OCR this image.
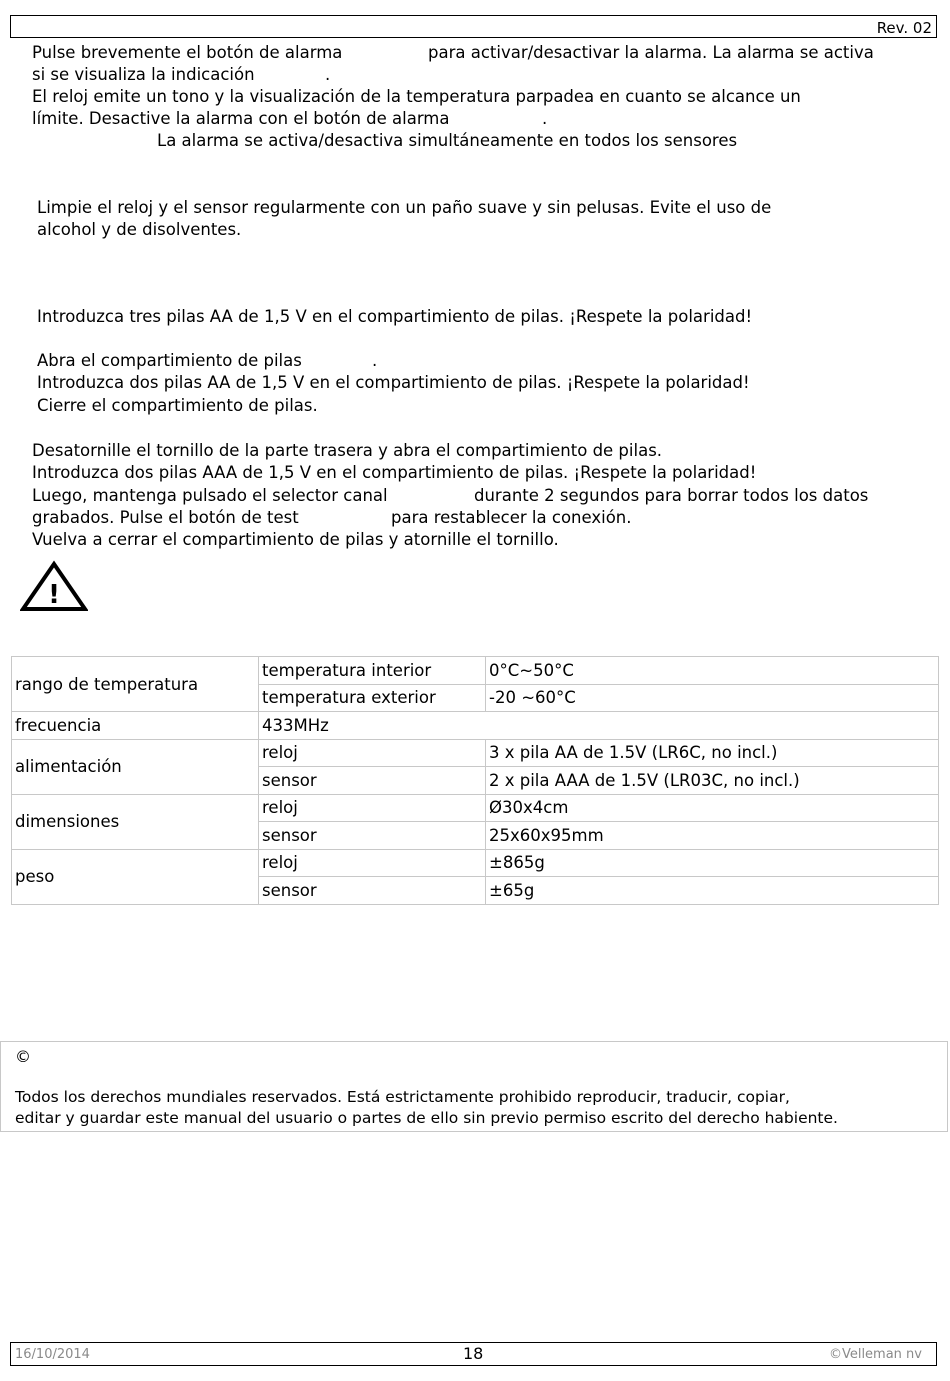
Rev. 02
Pulse brevemente el botón de alarma	para activar/desactivar la alarma. La alarma se activa
si se visualiza la indicación	.
El reloj emite un tono y la visualización de la temperatura parpadea en cuanto se alcance un
límite. Desactive la alarma con el botón de alarma	.
La alarma se activa/desactiva simultáneamente en todos los sensores
Limpie el reloj y el sensor regularmente con un paño suave y sin pelusas. Evite el uso de
alcohol y de disolventes.
Introduzca tres pilas AA de 1,5 V en el compartimiento de pilas. ¡Respete la polaridad!
Abra el compartimiento de pilas	.
Introduzca dos pilas AA de 1,5 V en el compartimiento de pilas. ¡Respete la polaridad!
Cierre el compartimiento de pilas.
Desatornille el tornillo de la parte trasera y abra el compartimiento de pilas.
Introduzca dos pilas AAA de 1,5 V en el compartimiento de pilas. ¡Respete la polaridad!
Luego, mantenga pulsado el selector canal	durante 2 segundos para borrar todos los datos
grabados. Pulse el botón de test	para restablecer la conexión.
Vuelva a cerrar el compartimiento de pilas y atornille el tornillo.
!
rango de temperatura	temperatura interior	0°C~50°C
	temperatura exterior	-20 ~60°C
frecuencia	433MHz	
alimentación	reloj	3 x pila AA de 1.5V (LR6C, no incl.)
	sensor	2 x pila AAA de 1.5V (LR03C, no incl.)
dimensiones	reloj	Ø30x4cm
	sensor	25x60x95mm
peso	reloj	±865g
	sensor	±65g
©
Todos los derechos mundiales reservados. Está estrictamente prohibido reproducir, traducir, copiar,
editar y guardar este manual del usuario o partes de ello sin previo permiso escrito del derecho habiente.
16/10/2014	18	©Velleman nv
